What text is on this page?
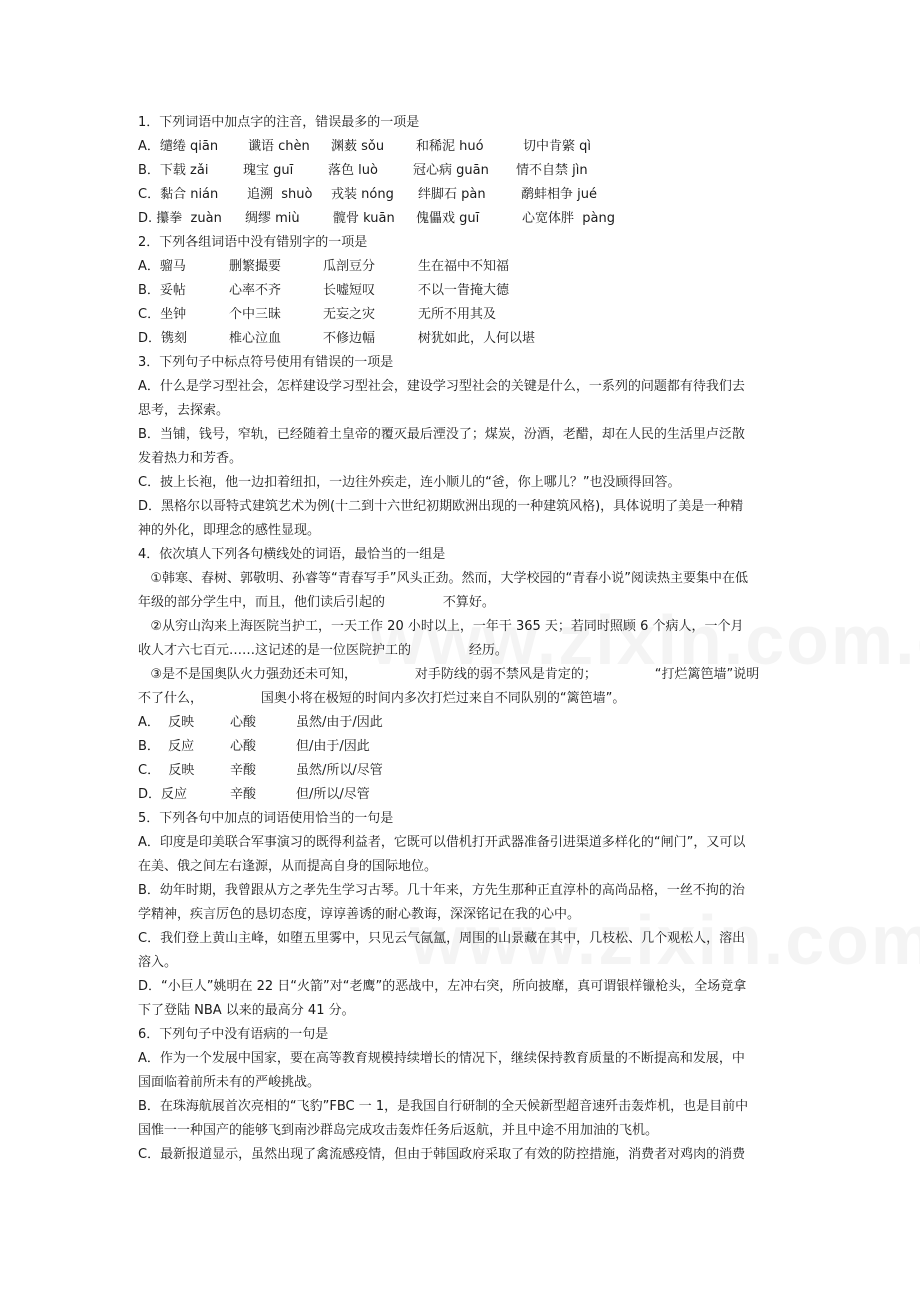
1．下列词语中加点字的注音，错误最多的一项是
A．缱绻 qiān 谶语 chèn 渊薮 sǒu 和稀泥 huó	切中肯綮 qì
B．下载 zǎi	瑰宝 guī	落色 luò	冠心病 guān 情不自禁 jìn
C．黏合 nián 追溯  shuò 戎装 nóng 绊脚石 pàn	鹬蚌相争 jué
D. 攥拳  zuàn 绸缪 miù	髋骨 kuān 傀儡戏 guī	心宽体胖  pàng
2．下列各组词语中没有错别字的一项是
A．骝马	删繁撮要	瓜剖豆分	生在福中不知福
B．妥帖	心率不齐	长嘘短叹	不以一眚掩大德
C．坐钟	个中三昧	无妄之灾	无所不用其及
D．镌刻	椎心泣血	不修边幅	树犹如此，人何以堪
3．下列句子中标点符号使用有错误的一项是
A．什么是学习型社会，怎样建设学习型社会，建设学习型社会的关键是什么，一系列的问题都有待我们去
思考，去探索。
B．当铺，钱号，窄轨，已经随着土皇帝的覆灭最后湮没了；煤炭，汾酒，老醋，却在人民的生活里卢泛散
发着热力和芳香。
C．披上长袍，他一边扣着纽扣，一边往外疾走，连小顺儿的“爸，你上哪儿？”也没顾得回答。
D．黑格尔以哥特式建筑艺术为例(十二到十六世纪初期欧洲出现的一种建筑风格)，具体说明了美是一种精
神的外化，即理念的感性显现。
4．依次填人下列各句横线处的词语，最恰当的一组是
①韩寒、春树、郭敬明、孙睿等“青春写手”风头正劲。然而，大学校园的“青春小说”阅读热主要集中在低
年级的部分学生中，而且，他们读后引起的              不算好。
②从穷山沟来上海医院当护工，一天工作 20 小时以上，一年干 365 天；若同时照顾 6 个病人，一个月
收人才六七百元……这记述的是一位医院护工的              经历。
③是不是国奥队火力强劲还未可知，              对手防线的弱不禁风是肯定的；              “打烂篱笆墙”说明
不了什么，              国奥小将在极短的时间内多次打烂过来自不同队别的“篱笆墙”。
A．  反映	心酸	虽然/由于/因此
B．  反应	心酸	但/由于/因此
C．  反映	辛酸	虽然/所以/尽管
D．反应	辛酸	但/所以/尽管
5．下列各句中加点的词语使用恰当的一句是
A．印度是印美联合军事演习的既得利益者，它既可以借机打开武器准备引进渠道多样化的“闸门”，又可以
在美、俄之间左右逢源，从而提高自身的国际地位。
B．幼年时期，我曾跟从方之孝先生学习古琴。几十年来，方先生那种正直淳朴的高尚品格，一丝不拘的治
学精神，疾言厉色的恳切态度，谆谆善诱的耐心教诲，深深铭记在我的心中。
C．我们登上黄山主峰，如堕五里雾中，只见云气氤氲，周围的山景藏在其中，几枝松、几个观松人，溶出
溶入。
D．“小巨人”姚明在 22 日“火箭”对“老鹰”的恶战中，左冲右突，所向披靡，真可谓银样镴枪头，全场竟拿
下了登陆 NBA 以来的最高分 41 分。
6．下列句子中没有语病的一句是
A．作为一个发展中国家，要在高等教育规模持续增长的情况下，继续保持教育质量的不断提高和发展，中
国面临着前所未有的严峻挑战。
B．在珠海航展首次亮相的“飞豹”FBC 一 1，是我国自行研制的全天候新型超音速歼击轰炸机，也是目前中
国惟一一种国产的能够飞到南沙群岛完成攻击轰炸任务后返航，并且中途不用加油的飞机。
C．最新报道显示，虽然出现了禽流感疫情，但由于韩国政府采取了有效的防控措施，消费者对鸡肉的消费
